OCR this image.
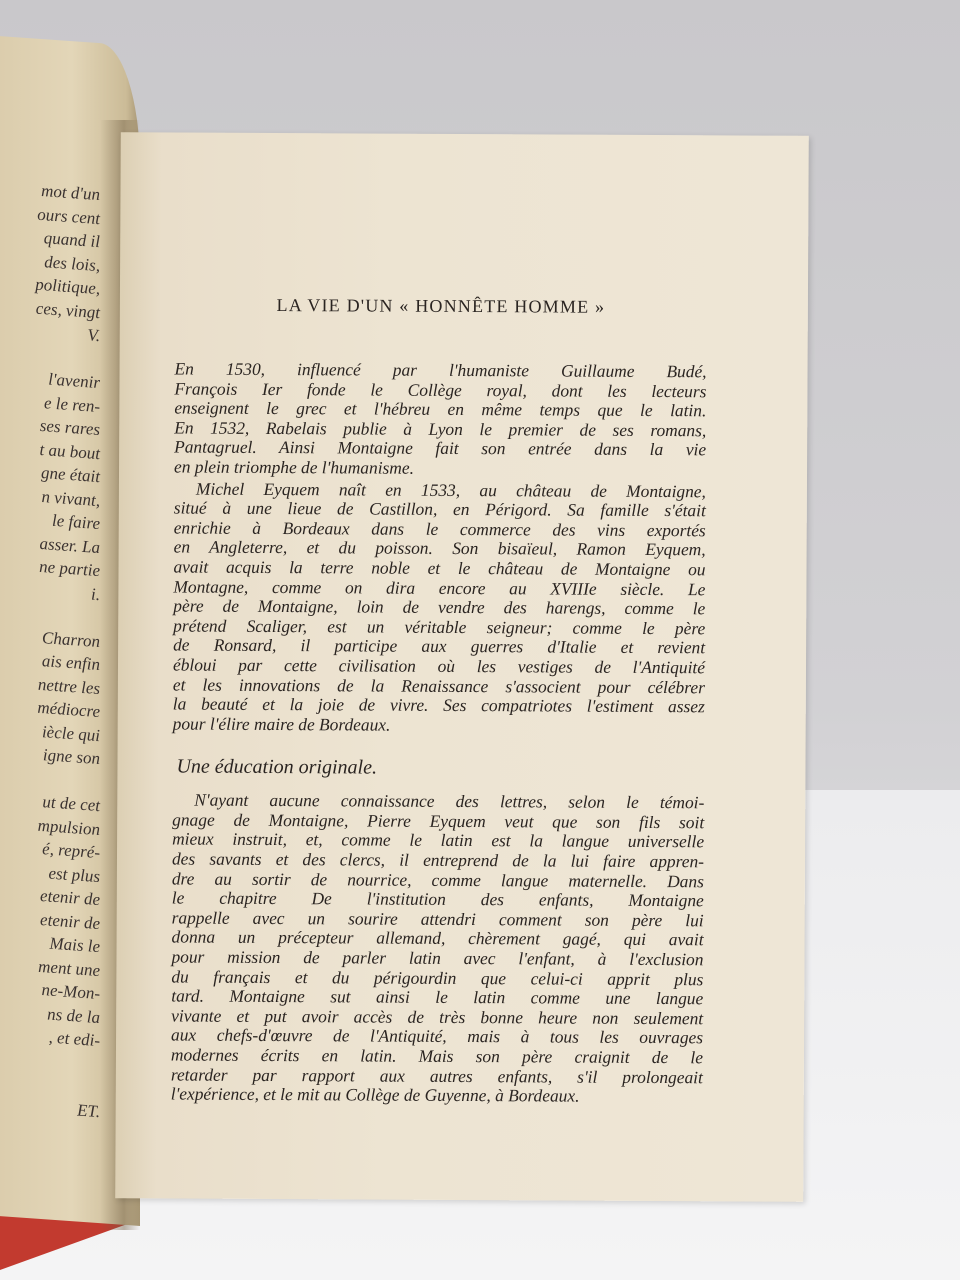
mot d'un
ours cent
quand il
des lois,
politique,
ces, vingt
V.
l'avenir
e le ren-
ses rares
t au bout
gne était
n vivant,
le faire
asser. La
ne partie
i.
Charron
ais enfin
nettre les
médiocre
iècle qui
igne son
ut de cet
mpulsion
é, repré-
est plus
etenir de
etenir de
Mais le
ment une
ne-Mon-
ns de la
, et edi-
ET.
LA VIE D'UN « HONNÊTE HOMME »
En 1530, influencé par l'humaniste Guillaume Budé,
François Ier fonde le Collège royal, dont les lecteurs
enseignent le grec et l'hébreu en même temps que le latin.
En 1532, Rabelais publie à Lyon le premier de ses romans,
Pantagruel. Ainsi Montaigne fait son entrée dans la vie
en plein triomphe de l'humanisme.
Michel Eyquem naît en 1533, au château de Montaigne,
situé à une lieue de Castillon, en Périgord. Sa famille s'était
enrichie à Bordeaux dans le commerce des vins exportés
en Angleterre, et du poisson. Son bisaïeul, Ramon Eyquem,
avait acquis la terre noble et le château de Montaigne ou
Montagne, comme on dira encore au XVIIIe siècle. Le
père de Montaigne, loin de vendre des harengs, comme le
prétend Scaliger, est un véritable seigneur; comme le père
de Ronsard, il participe aux guerres d'Italie et revient
ébloui par cette civilisation où les vestiges de l'Antiquité
et les innovations de la Renaissance s'associent pour célébrer
la beauté et la joie de vivre. Ses compatriotes l'estiment assez
pour l'élire maire de Bordeaux.
Une éducation originale.
N'ayant aucune connaissance des lettres, selon le témoi-
gnage de Montaigne, Pierre Eyquem veut que son fils soit
mieux instruit, et, comme le latin est la langue universelle
des savants et des clercs, il entreprend de la lui faire appren-
dre au sortir de nourrice, comme langue maternelle. Dans
le chapitre De l'institution des enfants, Montaigne
rappelle avec un sourire attendri comment son père lui
donna un précepteur allemand, chèrement gagé, qui avait
pour mission de parler latin avec l'enfant, à l'exclusion
du français et du périgourdin que celui-ci apprit plus
tard. Montaigne sut ainsi le latin comme une langue
vivante et put avoir accès de très bonne heure non seulement
aux chefs-d'œuvre de l'Antiquité, mais à tous les ouvrages
modernes écrits en latin. Mais son père craignit de le
retarder par rapport aux autres enfants, s'il prolongeait
l'expérience, et le mit au Collège de Guyenne, à Bordeaux.
